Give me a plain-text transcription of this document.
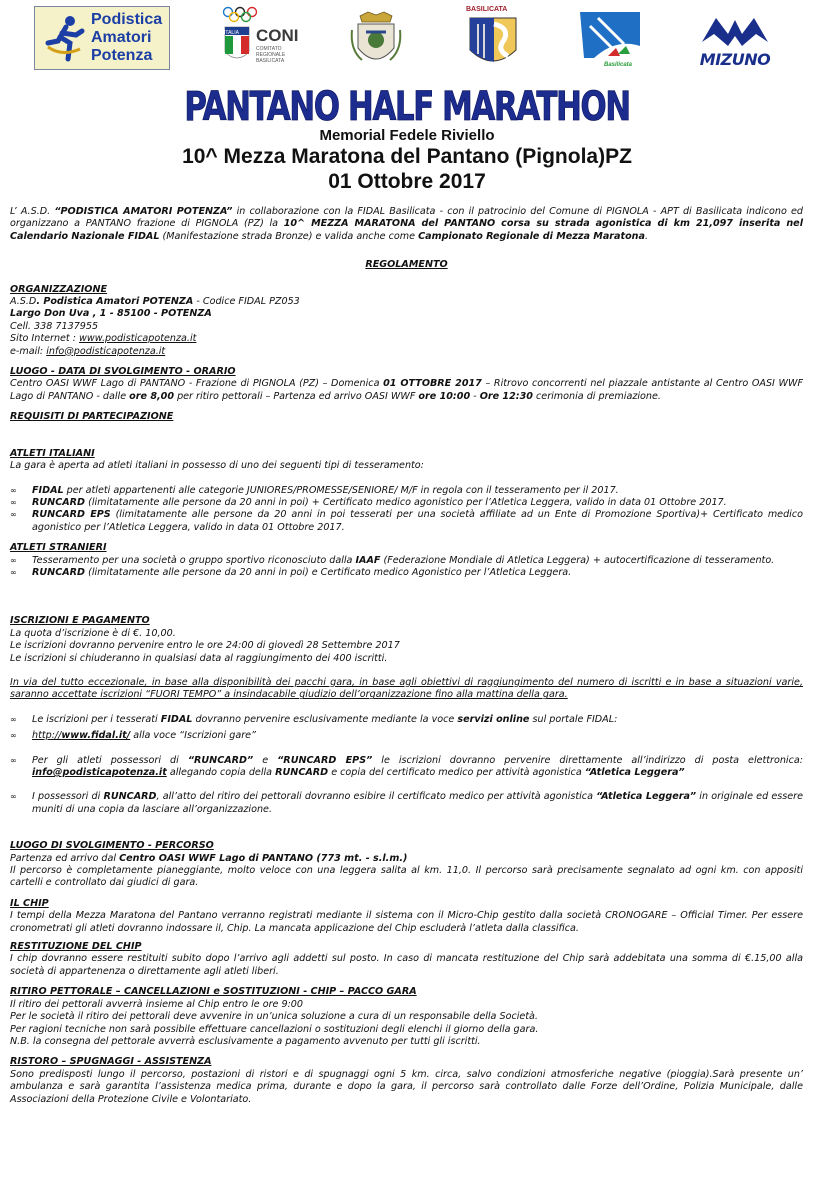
Podistica
Amatori
Potenza
ITALIA CONI
COMITATO REGIONALE BASILICATA
BASILICATA
Basilicata	MIZUNO
PANTANO HALF MARATHON
Memorial Fedele Riviello
10^ Mezza Maratona del Pantano (Pignola)PZ
01 Ottobre 2017

L’ A.S.D. “PODISTICA AMATORI POTENZA” in collaborazione con la FIDAL Basilicata - con il patrocinio del Comune di PIGNOLA - APT di Basilicata indicono ed organizzano a PANTANO frazione di PIGNOLA (PZ) la 10^ MEZZA MARATONA del PANTANO corsa su strada agonistica di km 21,097 inserita nel Calendario Nazionale FIDAL (Manifestazione strada Bronze) e valida anche come Campionato Regionale di Mezza Maratona.

REGOLAMENTO

ORGANIZZAZIONE

A.S.D. Podistica Amatori POTENZA - Codice FIDAL PZ053

Largo Don Uva , 1 - 85100 - POTENZA

Cell. 338 7137955

Sito Internet : www.podisticapotenza.it

e-mail: info@podisticapotenza.it

LUOGO - DATA DI SVOLGIMENTO - ORARIO

Centro OASI WWF Lago di PANTANO - Frazione di PIGNOLA (PZ) – Domenica 01 OTTOBRE 2017 – Ritrovo concorrenti nel piazzale antistante al Centro OASI WWF Lago di PANTANO - dalle ore 8,00 per ritiro pettorali – Partenza ed arrivo OASI WWF ore 10:00 - Ore 12:30 cerimonia di premiazione.

REQUISITI DI PARTECIPAZIONE

ATLETI ITALIANI

La gara è aperta ad atleti italiani in possesso di uno dei seguenti tipi di tesseramento:

∞ FIDAL per atleti appartenenti alle categorie JUNIORES/PROMESSE/SENIORE/ M/F in regola con il tesseramento per il 2017.

∞ RUNCARD (limitatamente alle persone da 20 anni in poi) + Certificato medico agonistico per l’Atletica Leggera, valido in data 01 Ottobre 2017.

∞ RUNCARD EPS (limitatamente alle persone da 20 anni in poi tesserati per una società affiliate ad un Ente di Promozione Sportiva)+ Certificato medico agonistico per l’Atletica Leggera, valido in data 01 Ottobre 2017.

ATLETI STRANIERI

∞ Tesseramento per una società o gruppo sportivo riconosciuto dalla IAAF (Federazione Mondiale di Atletica Leggera) + autocertificazione di tesseramento.

∞ RUNCARD (limitatamente alle persone da 20 anni in poi) e Certificato medico Agonistico per l’Atletica Leggera.

ISCRIZIONI E PAGAMENTO

La quota d’iscrizione è di €. 10,00.

Le iscrizioni dovranno pervenire entro le ore 24:00 di giovedì 28 Settembre 2017

Le iscrizioni si chiuderanno in qualsiasi data al raggiungimento dei 400 iscritti.

In via del tutto eccezionale, in base alla disponibilità dei pacchi gara, in base agli obiettivi di raggiungimento del numero di iscritti e in base a situazioni varie, saranno accettate iscrizioni “FUORI TEMPO” a insindacabile giudizio dell’organizzazione fino alla mattina della gara.

∞ Le iscrizioni per i tesserati FIDAL dovranno pervenire esclusivamente mediante la voce servizi online sul portale FIDAL:

∞ http://www.fidal.it/ alla voce “Iscrizioni gare”

∞ Per gli atleti possessori di “RUNCARD” e “RUNCARD EPS” le iscrizioni dovranno pervenire direttamente all’indirizzo di posta elettronica: info@podisticapotenza.it allegando copia della RUNCARD e copia del certificato medico per attività agonistica “Atletica Leggera”

∞ I possessori di RUNCARD, all’atto del ritiro dei pettorali dovranno esibire il certificato medico per attività agonistica “Atletica Leggera” in originale ed essere muniti di una copia da lasciare all’organizzazione.

LUOGO DI SVOLGIMENTO - PERCORSO

Partenza ed arrivo dal Centro OASI WWF Lago di PANTANO (773 mt. - s.l.m.)

Il percorso è completamente pianeggiante, molto veloce con una leggera salita al km. 11,0. Il percorso sarà precisamente segnalato ad ogni km. con appositi cartelli e controllato dai giudici di gara.

IL CHIP

I tempi della Mezza Maratona del Pantano verranno registrati mediante il sistema con il Micro-Chip gestito dalla società CRONOGARE – Official Timer. Per essere cronometrati gli atleti dovranno indossare il, Chip. La mancata applicazione del Chip escluderà l’atleta dalla classifica.

RESTITUZIONE DEL CHIP

I chip dovranno essere restituiti subito dopo l’arrivo agli addetti sul posto. In caso di mancata restituzione del Chip sarà addebitata una somma di €.15,00 alla società di appartenenza o direttamente agli atleti liberi.

RITIRO PETTORALE – CANCELLAZIONI e SOSTITUZIONI - CHIP – PACCO GARA

Il ritiro dei pettorali avverrà insieme al Chip entro le ore 9:00

Per le società il ritiro dei pettorali deve avvenire in un’unica soluzione a cura di un responsabile della Società.

Per ragioni tecniche non sarà possibile effettuare cancellazioni o sostituzioni degli elenchi il giorno della gara.

N.B. la consegna del pettorale avverrà esclusivamente a pagamento avvenuto per tutti gli iscritti.

RISTORO – SPUGNAGGI - ASSISTENZA

Sono predisposti lungo il percorso, postazioni di ristori e di spugnaggi ogni 5 km. circa, salvo condizioni atmosferiche negative (pioggia).Sarà presente un’ ambulanza e sarà garantita l’assistenza medica prima, durante e dopo la gara, il percorso sarà controllato dalle Forze dell’Ordine, Polizia Municipale, dalle Associazioni della Protezione Civile e Volontariato.
